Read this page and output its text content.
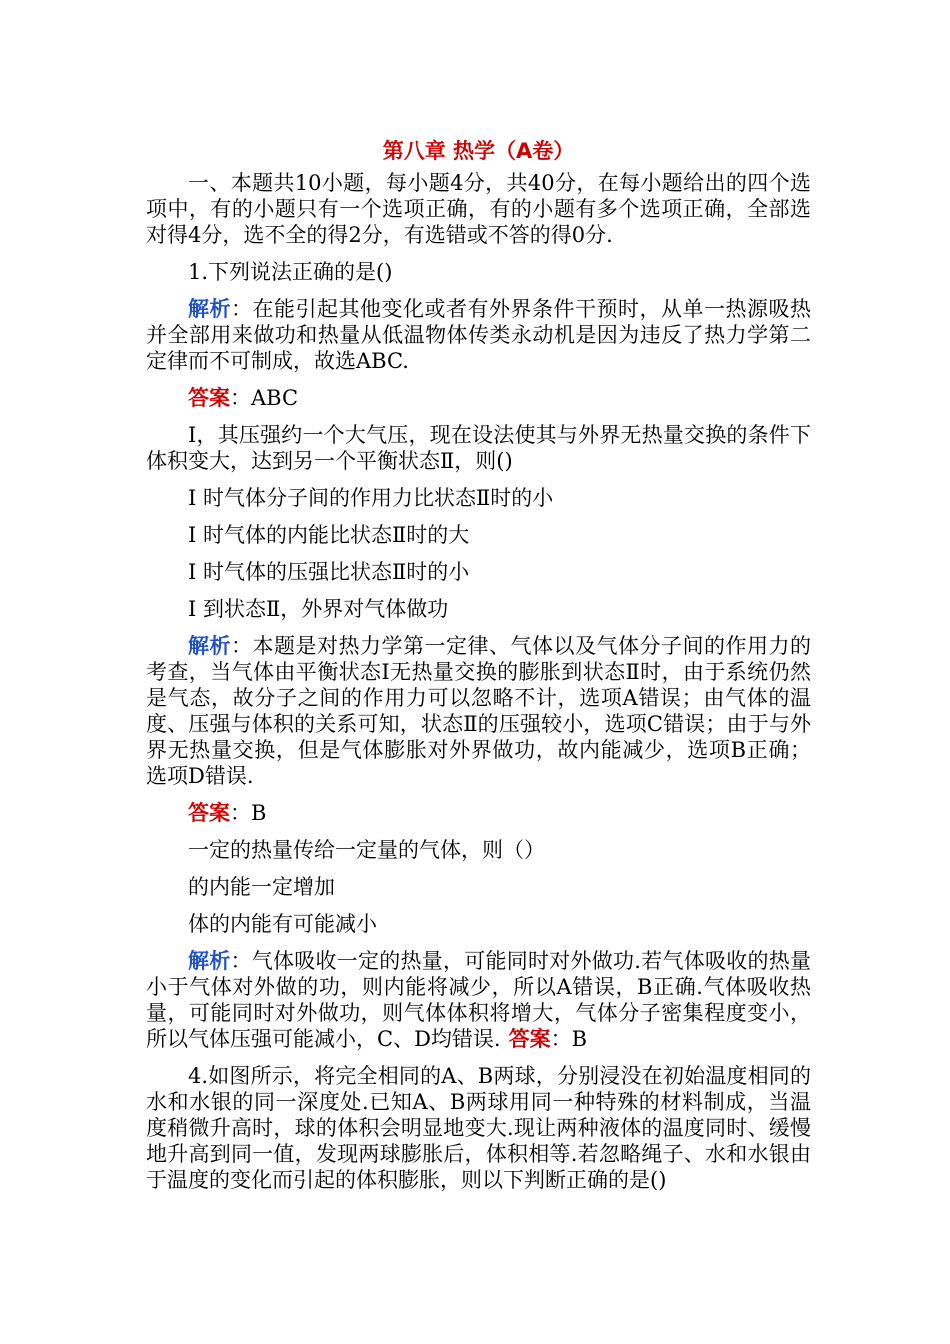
第八章 热学（A卷）

一、本题共10小题，每小题4分，共40分，在每小题给出的四个选项中，有的小题只有一个选项正确，有的小题有多个选项正确，全部选对得4分，选不全的得2分，有选错或不答的得0分.

1.下列说法正确的是()

解析：在能引起其他变化或者有外界条件干预时，从单一热源吸热并全部用来做功和热量从低温物体传类永动机是因为违反了热力学第二定律而不可制成，故选ABC.

答案：ABC

Ⅰ，其压强约一个大气压，现在设法使其与外界无热量交换的条件下体积变大，达到另一个平衡状态Ⅱ，则()

Ⅰ 时气体分子间的作用力比状态Ⅱ时的小

Ⅰ 时气体的内能比状态Ⅱ时的大

Ⅰ 时气体的压强比状态Ⅱ时的小

Ⅰ 到状态Ⅱ，外界对气体做功

解析：本题是对热力学第一定律、气体以及气体分子间的作用力的考查，当气体由平衡状态Ⅰ无热量交换的膨胀到状态Ⅱ时，由于系统仍然是气态，故分子之间的作用力可以忽略不计，选项A错误；由气体的温度、压强与体积的关系可知，状态Ⅱ的压强较小，选项C错误；由于与外界无热量交换，但是气体膨胀对外界做功，故内能减少，选项B正确；选项D错误.

答案：B

一定的热量传给一定量的气体，则（）

的内能一定增加

体的内能有可能减小

解析：气体吸收一定的热量，可能同时对外做功.若气体吸收的热量小于气体对外做的功，则内能将减少，所以A错误，B正确.气体吸收热量，可能同时对外做功，则气体体积将增大，气体分子密集程度变小，所以气体压强可能减小，C、D均错误. 答案：B

4.如图所示，将完全相同的A、B两球，分别浸没在初始温度相同的水和水银的同一深度处.已知A、B两球用同一种特殊的材料制成，当温度稍微升高时，球的体积会明显地变大.现让两种液体的温度同时、缓慢地升高到同一值，发现两球膨胀后，体积相等.若忽略绳子、水和水银由于温度的变化而引起的体积膨胀，则以下判断正确的是()
